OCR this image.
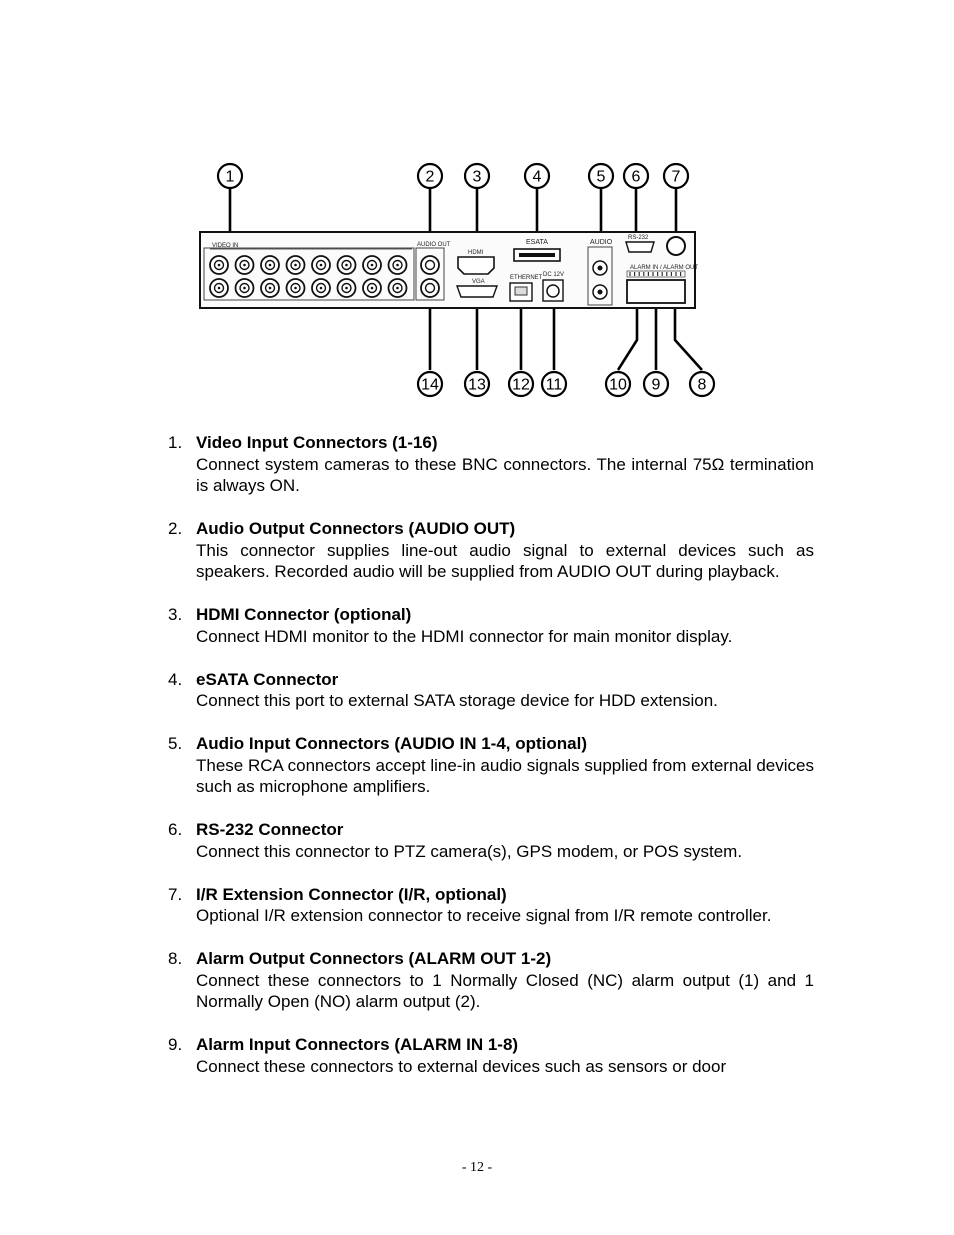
VIDEO IN	AUDIO OUT
HDMI
VGA
ESATA
ETHERNET DC 12V
AUDIO
RS-232
ALARM IN / ALARM OUT
1	2 3	4	5 6 7
8
9
10
11
12
13
14
1. Video Input Connectors (1-16)
Connect system cameras to these BNC connectors. The internal 75Ω termination is always ON.
2. Audio Output Connectors (AUDIO OUT)
This connector supplies line-out audio signal to external devices such as speakers. Recorded audio will be supplied from AUDIO OUT during playback.
3. HDMI Connector (optional)
Connect HDMI monitor to the HDMI connector for main monitor display.
4. eSATA Connector
Connect this port to external SATA storage device for HDD extension.
5. Audio Input Connectors (AUDIO IN 1-4, optional)
These RCA connectors accept line-in audio signals supplied from external devices such as microphone amplifiers.
6. RS-232 Connector
Connect this connector to PTZ camera(s), GPS modem, or POS system.
7. I/R Extension Connector (I/R, optional)
Optional I/R extension connector to receive signal from I/R remote controller.
8. Alarm Output Connectors (ALARM OUT 1-2)
Connect these connectors to 1 Normally Closed (NC) alarm output (1) and 1 Normally Open (NO) alarm output (2).
9. Alarm Input Connectors (ALARM IN 1-8)
Connect these connectors to external devices such as sensors or door
- 12 -
